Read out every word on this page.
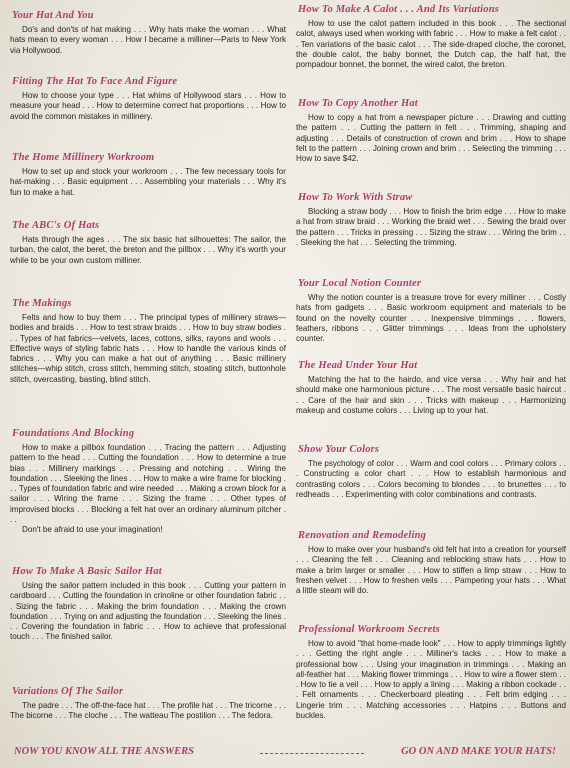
Your Hat And You

Do's and don'ts of hat making . . . Why hats make the woman . . . What hats mean to every woman . . . How I became a milliner—Paris to New York via Hollywood.

Fitting The Hat To Face And Figure

How to choose your type . . . Hat whims of Hollywood stars . . . How to measure your head . . . How to determine correct hat proportions . . . How to avoid the common mistakes in millinery.

The Home Millinery Workroom

How to set up and stock your workroom . . . The few necessary tools for hat-making . . . Basic equipment . . . Assembling your materials . . . Why it's fun to make a hat.

The ABC's Of Hats

Hats through the ages . . . The six basic hat silhouettes: The sailor, the turban, the calot, the beret, the breton and the pillbox . . . Why it's worth your while to be your own custom milliner.

The Makings

Felts and how to buy them . . . The principal types of millinery straws—bodies and braids . . . How to test straw braids . . . How to buy straw bodies . . . Types of hat fabrics—velvets, laces, cottons, silks, rayons and wools . . . Effective ways of styling fabric hats . . . How to handle the various kinds of fabrics . . . Why you can make a hat out of anything . . . Basic millinery stitches—whip stitch, cross stitch, hemming stitch, stoating stitch, buttonhole stitch, overcasting, basting, blind stitch.

Foundations And Blocking

How to make a pillbox foundation . . . Tracing the pattern . . . Adjusting pattern to the head . . . Cutting the foundation . . . How to determine a true bias . . . Millinery markings . . . Pressing and notching . . . Wiring the foundation . . . Sleeking the lines . . . How to make a wire frame for blocking . . . Types of foundation fabric and wire needed . . . Making a crown block for a sailor . . . Wiring the frame . . . Sizing the frame . . . Other types of improvised blocks . . . Blocking a felt hat over an ordinary aluminum pitcher . . .
Don't be afraid to use your imagination!

How To Make A Basic Sailor Hat

Using the sailor pattern included in this book . . . Cutting your pattern in cardboard . . . Cutting the foundation in crinoline or other foundation fabric . . . Sizing the fabric . . . Making the brim foundation . . . Making the crown foundation . . . Trying on and adjusting the foundation . . . Sleeking the lines . . . Covering the foundation in fabric . . . How to achieve that professional touch . . . The finished sailor.

Variations Of The Sailor

The padre . . . The off-the-face hat . . . The profile hat . . . The tricorne . . . The bicorne . . . The cloche . . . The watteau The postilion . . . The fedora.

How To Make A Calot . . . And Its Variations

How to use the calot pattern included in this book . . . The sectional calot, always used when working with fabric . . . How to make a felt calot . . . Ten variations of the basic calot . . . The side-draped cloche, the coronet, the double calot, the baby bonnet, the Dutch cap, the half hat, the pompadour bonnet, the bonnet, the wired calot, the breton.

How To Copy Another Hat

How to copy a hat from a newspaper picture . . . Drawing and cutting the pattern . . . Cutting the pattern in felt . . . Trimming, shaping and adjusting . . . Details of construction of crown and brim . . . How to shape felt to the pattern . . . Joining crown and brim . . . Selecting the trimming . . . How to save $42.

How To Work With Straw

Blocking a straw body . . . How to finish the brim edge . . . How to make a hat from straw braid . . . Working the braid wet . . . Sewing the braid over the pattern . . . Tricks in pressing . . . Sizing the straw . . . Wiring the brim . . . Sleeking the hat . . . Selecting the trimming.

Your Local Notion Counter

Why the notion counter is a treasure trove for every milliner . . . Costly hats from gadgets . . . Basic workroom equipment and materials to be found on the novelty counter . . . Inexpensive trimmings . . . flowers, feathers, ribbons . . . Glitter trimmings . . . Ideas from the upholstery counter.

The Head Under Your Hat

Matching the hat to the hairdo, and vice versa . . . Why hair and hat should make one harmonious picture . . . The most versatile basic haircut . . . Care of the hair and skin . . . Tricks with makeup . . . Harmonizing makeup and costume colors . . . Living up to your hat.

Show Your Colors

The psychology of color . . . Warm and cool colors . . . Primary colors . . . Constructing a color chart . . . How to establish harmonious and contrasting colors . . . Colors becoming to blondes . . . to brunettes . . . to redheads . . . Experimenting with color combinations and contrasts.

Renovation and Remodeling

How to make over your husband's old felt hat into a creation for yourself . . . Cleaning the felt . . . Cleaning and reblocking straw hats . . . How to make a brim larger or smaller . . . How to stiffen a limp straw . . . How to freshen velvet . . . How to freshen veils . . . Pampering your hats . . . What a little steam will do.

Professional Workroom Secrets

How to avoid "that home-made look" . . . How to apply trimmings lightly . . . Getting the right angle . . . Milliner's tacks . . . How to make a professional bow . . . Using your imagination in trimmings . . . Making an all-feather hat . . . Making flower trimmings . . . How to wire a flower stem . . . How to tie a veil . . . How to apply a lining . . . Making a ribbon cockade . . . Felt ornaments . . . Checkerboard pleating . . . Felt brim edging . . . Lingerie trim . . . Matching accessories . . . Hatpins . . . Buttons and buckles.

NOW YOU KNOW ALL THE ANSWERS	GO ON AND MAKE YOUR HATS!
